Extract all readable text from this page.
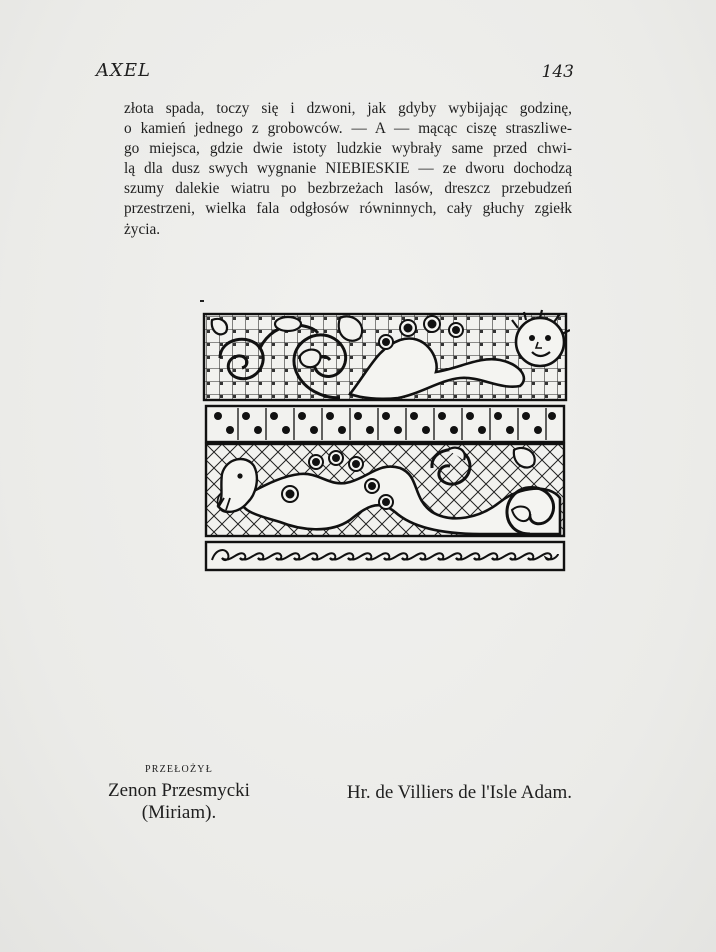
AXEL	143
złota spada, toczy się i dzwoni, jak gdyby wybijając godzinę,
o kamień jednego z grobowców. — A — mącąc ciszę straszliwe-
go miejsca, gdzie dwie istoty ludzkie wybrały same przed chwi-
lą dla dusz swych wygnanie NIEBIESKIE — ze dworu dochodzą
szumy dalekie wiatru po bezbrzeżach lasów, dreszcz przebudzeń
przestrzeni, wielka fala odgłosów równinnych, cały głuchy zgiełk
życia.
PRZEŁOŻYŁ
Zenon Przesmycki
(Miriam).
Hr. de Villiers de l'Isle Adam.
